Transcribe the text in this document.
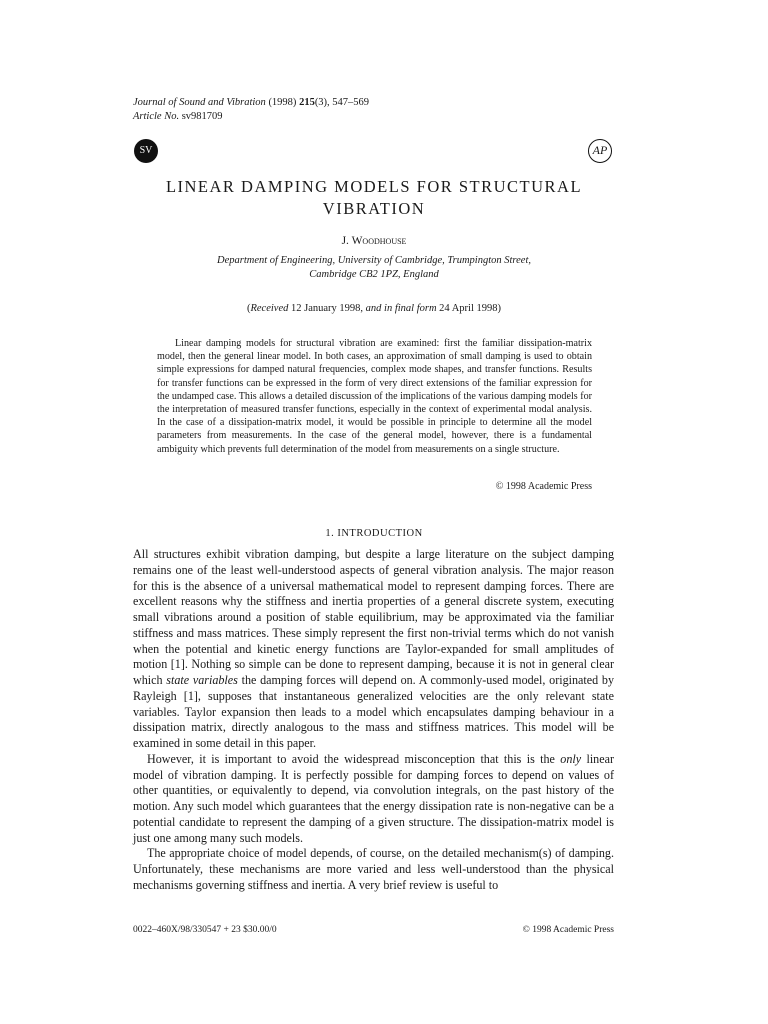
Journal of Sound and Vibration (1998) 215(3), 547–569
Article No. sv981709
SV	AP
LINEAR DAMPING MODELS FOR STRUCTURAL
VIBRATION
J. Woodhouse
Department of Engineering, University of Cambridge, Trumpington Street,
Cambridge CB2 1PZ, England
(Received 12 January 1998, and in final form 24 April 1998)

Linear damping models for structural vibration are examined: first the familiar dissipation-matrix model, then the general linear model. In both cases, an approximation of small damping is used to obtain simple expressions for damped natural frequencies, complex mode shapes, and transfer functions. Results for transfer functions can be expressed in the form of very direct extensions of the familiar expression for the undamped case. This allows a detailed discussion of the implications of the various damping models for the interpretation of measured transfer functions, especially in the context of experimental modal analysis. In the case of a dissipation-matrix model, it would be possible in principle to determine all the model parameters from measurements. In the case of the general model, however, there is a fundamental ambiguity which prevents full determination of the model from measurements on a single structure.

© 1998 Academic Press
1. INTRODUCTION

All structures exhibit vibration damping, but despite a large literature on the subject damping remains one of the least well-understood aspects of general vibration analysis. The major reason for this is the absence of a universal mathematical model to represent damping forces. There are excellent reasons why the stiffness and inertia properties of a general discrete system, executing small vibrations around a position of stable equilibrium, may be approximated via the familiar stiffness and mass matrices. These simply represent the first non-trivial terms which do not vanish when the potential and kinetic energy functions are Taylor-expanded for small amplitudes of motion [1]. Nothing so simple can be done to represent damping, because it is not in general clear which state variables the damping forces will depend on. A commonly-used model, originated by Rayleigh [1], supposes that instantaneous generalized velocities are the only relevant state variables. Taylor expansion then leads to a model which encapsulates damping behaviour in a dissipation matrix, directly analogous to the mass and stiffness matrices. This model will be examined in some detail in this paper.

However, it is important to avoid the widespread misconception that this is the only linear model of vibration damping. It is perfectly possible for damping forces to depend on values of other quantities, or equivalently to depend, via convolution integrals, on the past history of the motion. Any such model which guarantees that the energy dissipation rate is non-negative can be a potential candidate to represent the damping of a given structure. The dissipation-matrix model is just one among many such models.

The appropriate choice of model depends, of course, on the detailed mechanism(s) of damping. Unfortunately, these mechanisms are more varied and less well-understood than the physical mechanisms governing stiffness and inertia. A very brief review is useful to

0022–460X/98/330547 + 23 $30.00/0	© 1998 Academic Press
